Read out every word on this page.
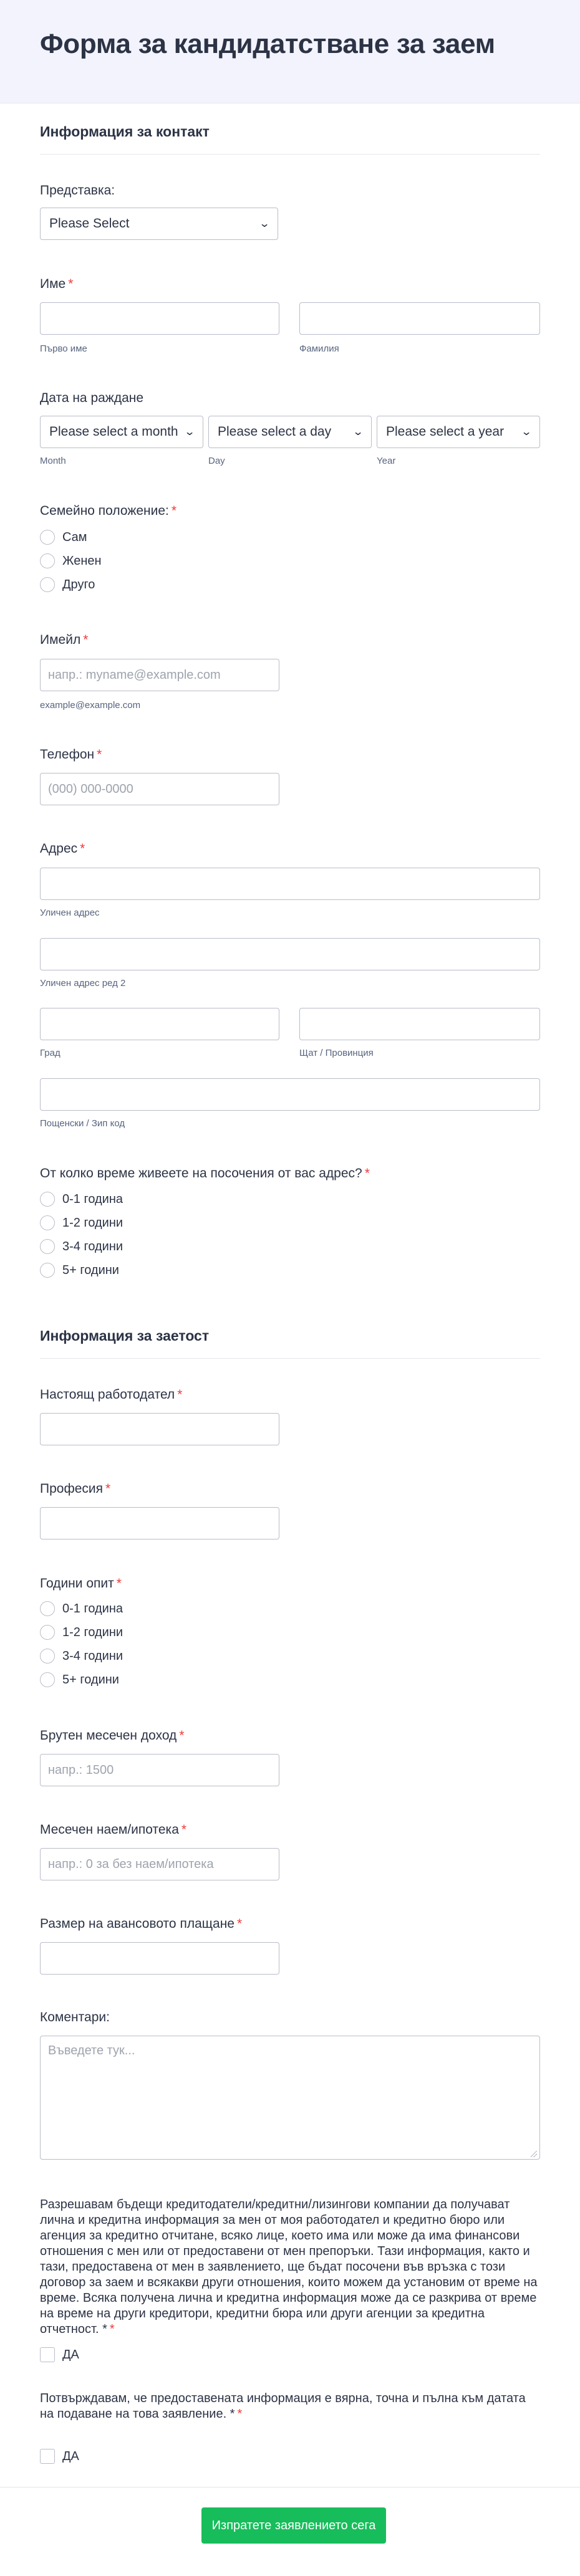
Форма за кандидатстване за заем
Информация за контакт
Представка:
Please Select	⌄
Име *
Първо име	Фамилия
Дата на раждане
Please select a month ⌄ Please select a day ⌄ Please select a year ⌄
Month	Day	Year
Семейно положение: *
Сам
Женен
Друго
Имейл *
напр.: myname@example.com
example@example.com
Телефон *
(000) 000-0000
Адрес *
Уличен адрес
Уличен адрес ред 2
Град	Щат / Провинция
Пощенски / Зип код
От колко време живеете на посочения от вас адрес? *
0-1 година
1-2 години
3-4 години
5+ години
Информация за заетост
Настоящ работодател *
Професия *
Години опит *
0-1 година
1-2 години
3-4 години
5+ години
Брутен месечен доход *
напр.: 1500
Месечен наем/ипотека *
напр.: 0 за без наем/ипотека
Размер на авансовото плащане *
Коментари:
Въведете тук...
Разрешавам бъдещи кредитодатели/кредитни/лизингови компании да получават лична и кредитна информация за мен от моя работодател и кредитно бюро или агенция за кредитно отчитане, всяко лице, което има или може да има финансови отношения с мен или от предоставени от мен препоръки. Тази информация, както и тази, предоставена от мен в заявлението, ще бъдат посочени във връзка с този договор за заем и всякакви други отношения, които можем да установим от време на време. Всяка получена лична и кредитна информация може да се разкрива от време на време на други кредитори, кредитни бюра или други агенции за кредитна отчетност. * *
ДА
Потвърждавам, че предоставената информация е вярна, точна и пълна към датата на подаване на това заявление. * *
ДА
Изпратете заявлението сега
